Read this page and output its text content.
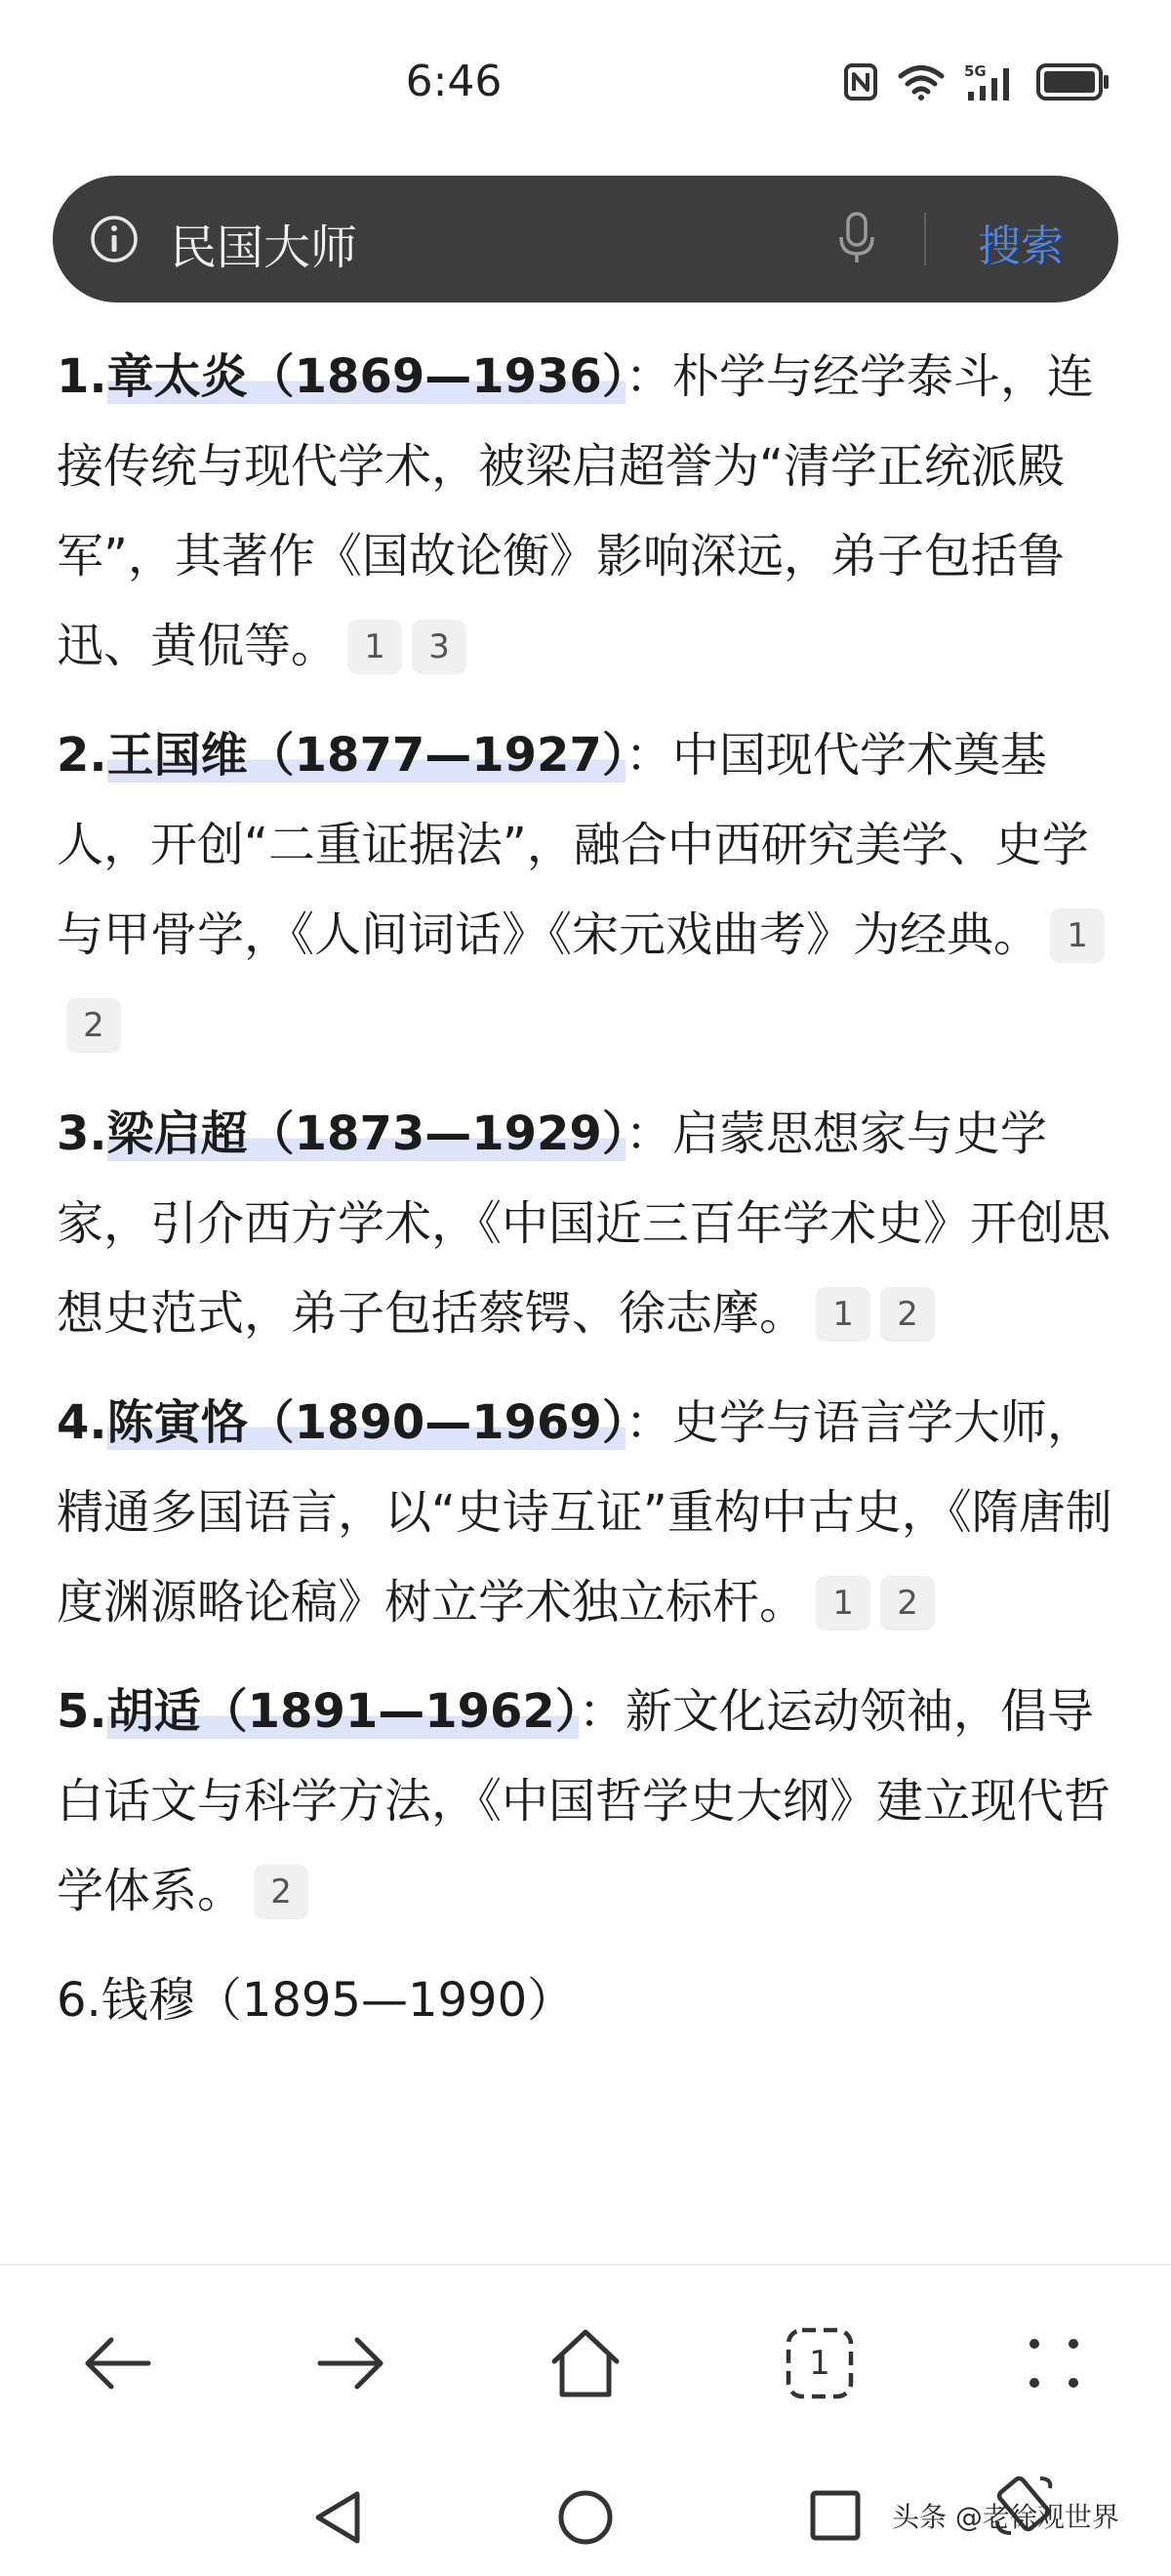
6:46	5G
民国大师	搜索
1.章太炎（1869—1936）：朴学与经学泰斗，连接传统与现代学术，被梁启超誉为“清学正统派殿军”，其著作《国故论衡》影响深远，弟子包括鲁迅、黄侃等。 1 3
2.王国维（1877—1927）：中国现代学术奠基人，开创“二重证据法”，融合中西研究美学、史学与甲骨学，《人间词话》《宋元戏曲考》为经典。 12
3.梁启超（1873—1929）：启蒙思想家与史学家，引介西方学术，《中国近三百年学术史》开创思想史范式，弟子包括蔡锷、徐志摩。 1 2
4.陈寅恪（1890—1969）：史学与语言学大师，精通多国语言，以“史诗互证”重构中古史，《隋唐制度渊源略论稿》树立学术独立标杆。 1 2
5.胡适（1891—1962）：新文化运动领袖，倡导白话文与科学方法，《中国哲学史大纲》建立现代哲学体系。 2
6.钱穆（1895—1990）
1
头条 @老徐观世界
